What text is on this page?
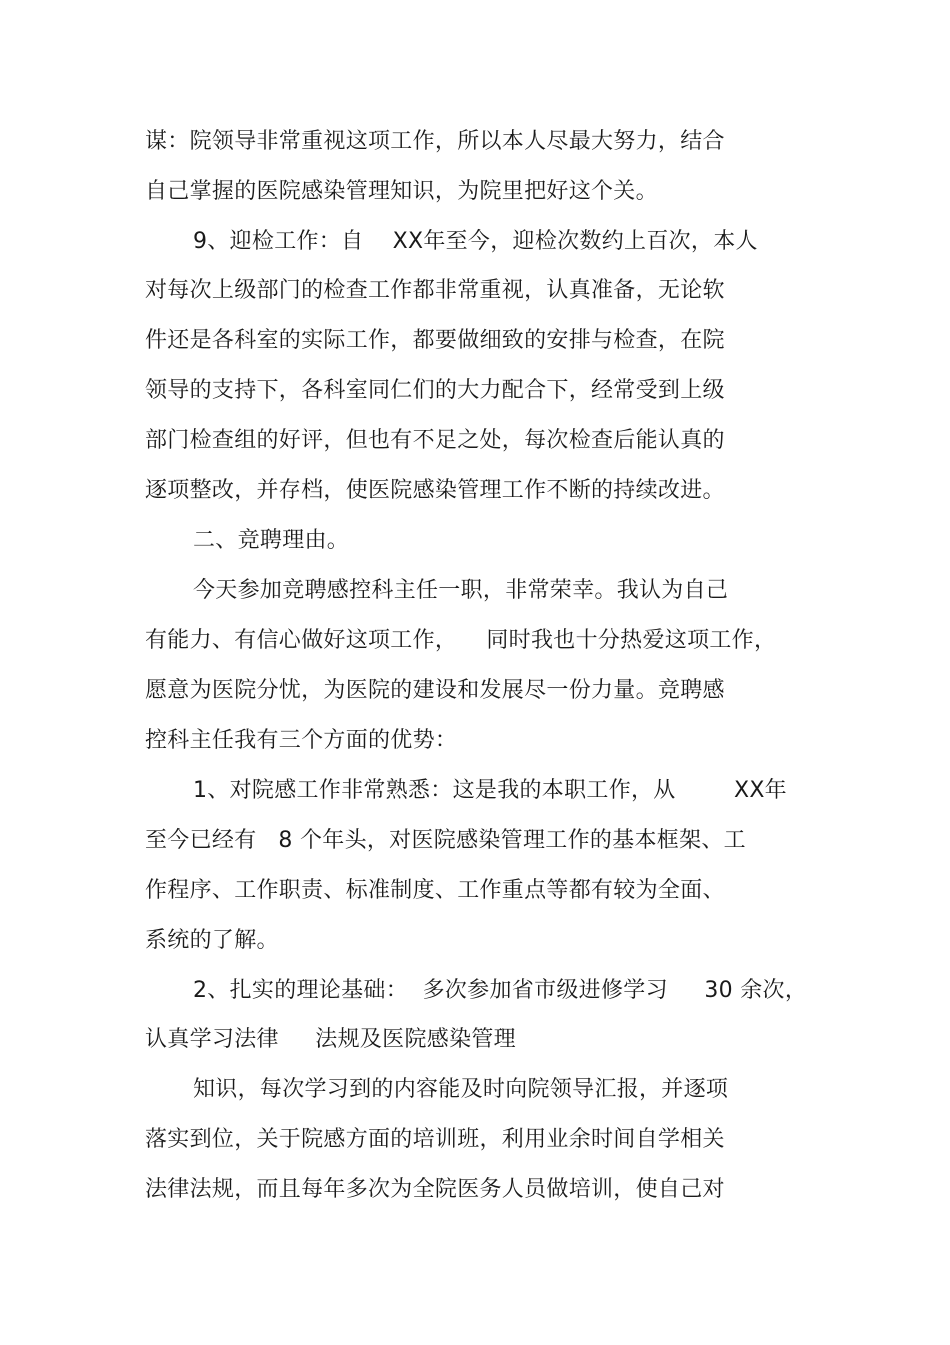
谋：院领导非常重视这项工作，所以本人尽最大努力，结合
自己掌握的医院感染管理知识，为院里把好这个关。
9、迎检工作：自    XX年至今，迎检次数约上百次，本人
对每次上级部门的检查工作都非常重视，认真准备，无论软
件还是各科室的实际工作，都要做细致的安排与检查，在院
领导的支持下，各科室同仁们的大力配合下，经常受到上级
部门检查组的好评，但也有不足之处，每次检查后能认真的
逐项整改，并存档，使医院感染管理工作不断的持续改进。
二、竞聘理由。
今天参加竞聘感控科主任一职，非常荣幸。我认为自己
有能力、有信心做好这项工作，    同时我也十分热爱这项工作，
愿意为医院分忧，为医院的建设和发展尽一份力量。竞聘感
控科主任我有三个方面的优势：
1、对院感工作非常熟悉：这是我的本职工作，从        XX年
至今已经有   8 个年头，对医院感染管理工作的基本框架、工
作程序、工作职责、标准制度、工作重点等都有较为全面、
系统的了解。
2、扎实的理论基础：  多次参加省市级进修学习     30 余次，
认真学习法律     法规及医院感染管理
知识，每次学习到的内容能及时向院领导汇报，并逐项
落实到位，关于院感方面的培训班，利用业余时间自学相关
法律法规，而且每年多次为全院医务人员做培训，使自己对
